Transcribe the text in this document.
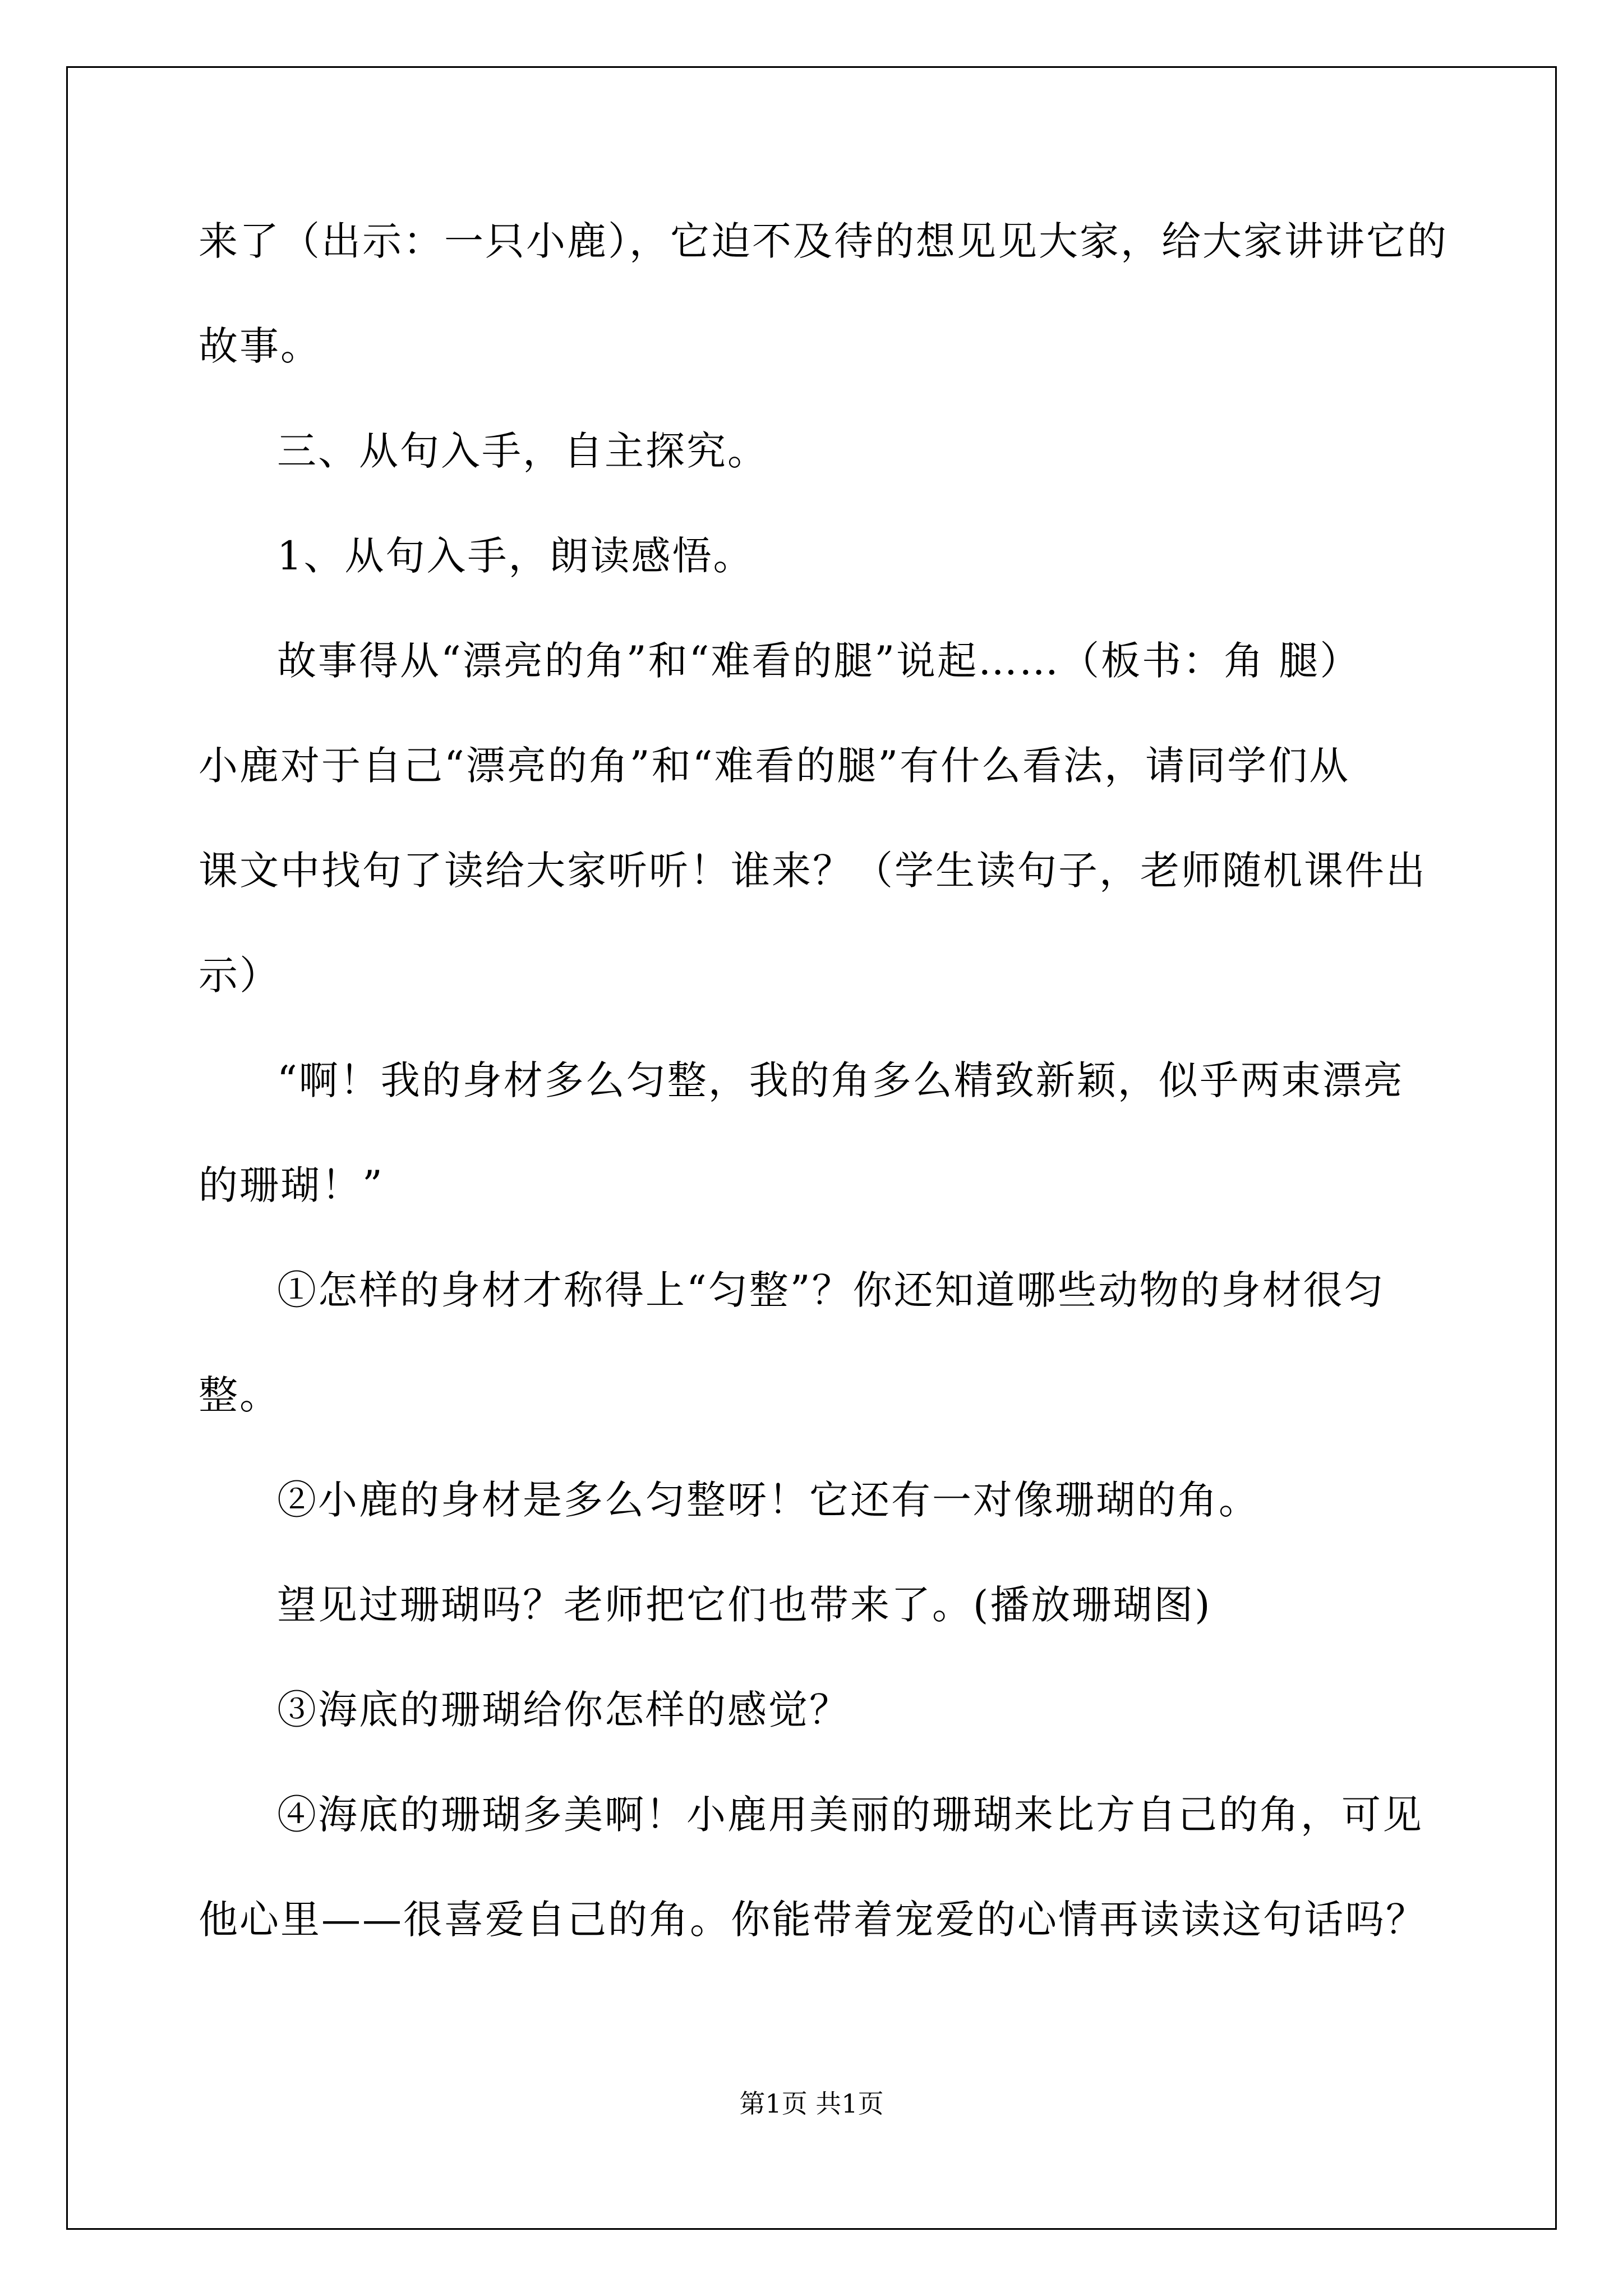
来了（出示：一只小鹿），它迫不及待的想见见大家，给大家讲讲它的
故事。
三、从句入手，自主探究。
1、从句入手，朗读感悟。
故事得从“漂亮的角”和“难看的腿”说起……（板书：角 腿）
小鹿对于自己“漂亮的角”和“难看的腿”有什么看法，请同学们从
课文中找句了读给大家听听！谁来？（学生读句子，老师随机课件出
示）
“啊！我的身材多么匀整，我的角多么精致新颖，似乎两束漂亮
的珊瑚！”
①怎样的身材才称得上“匀整”？你还知道哪些动物的身材很匀
整。
②小鹿的身材是多么匀整呀！它还有一对像珊瑚的角。
望见过珊瑚吗？老师把它们也带来了。(播放珊瑚图)
③海底的珊瑚给你怎样的感觉？
④海底的珊瑚多美啊！小鹿用美丽的珊瑚来比方自己的角，可见
他心里——很喜爱自己的角。你能带着宠爱的心情再读读这句话吗？
第1页 共1页
